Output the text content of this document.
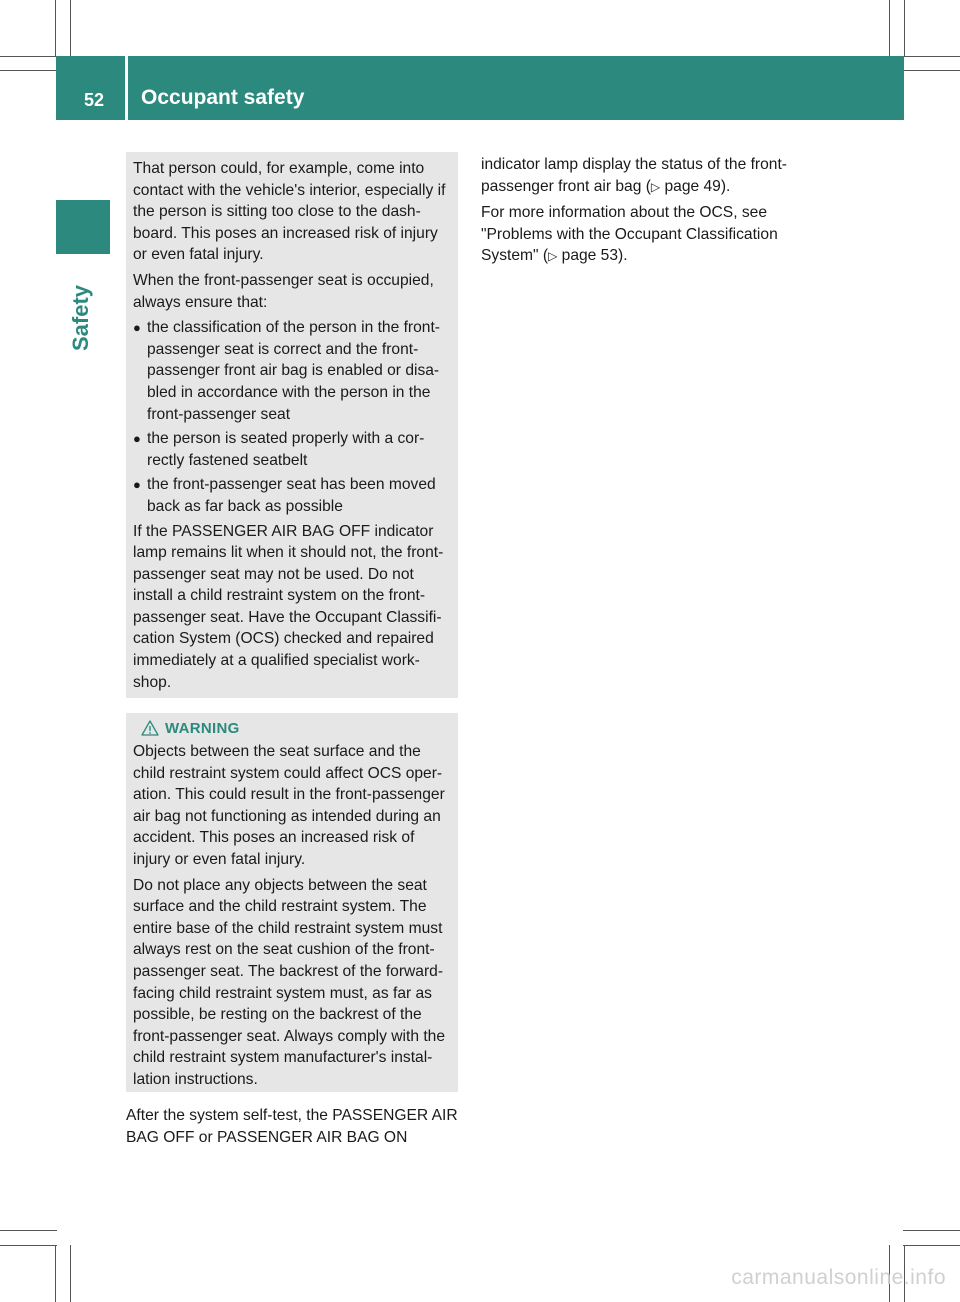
52 Occupant safety
Safety

That person could, for example, come into contact with the vehicle's interior, especially if the person is sitting too close to the dash-board. This poses an increased risk of injury or even fatal injury.

When the front-passenger seat is occupied, always ensure that:

● the classification of the person in the front-passenger seat is correct and the front-passenger front air bag is enabled or disa-bled in accordance with the person in the front-passenger seat

● the person is seated properly with a cor-rectly fastened seatbelt

● the front-passenger seat has been moved back as far back as possible

If the PASSENGER AIR BAG OFF indicator lamp remains lit when it should not, the front-passenger seat may not be used. Do not install a child restraint system on the front-passenger seat. Have the Occupant Classifi-cation System (OCS) checked and repaired immediately at a qualified specialist work-shop.

WARNING

Objects between the seat surface and the child restraint system could affect OCS oper-ation. This could result in the front-passenger air bag not functioning as intended during an accident. This poses an increased risk of injury or even fatal injury.

Do not place any objects between the seat surface and the child restraint system. The entire base of the child restraint system must always rest on the seat cushion of the front-passenger seat. The backrest of the forward-facing child restraint system must, as far as possible, be resting on the backrest of the front-passenger seat. Always comply with the child restraint system manufacturer's instal-lation instructions.

After the system self-test, the PASSENGER AIR BAG OFF or PASSENGER AIR BAG ON

indicator lamp display the status of the front-passenger front air bag (▷ page 49).

For more information about the OCS, see "Problems with the Occupant Classification System" (▷ page 53).

carmanualsonline.info
